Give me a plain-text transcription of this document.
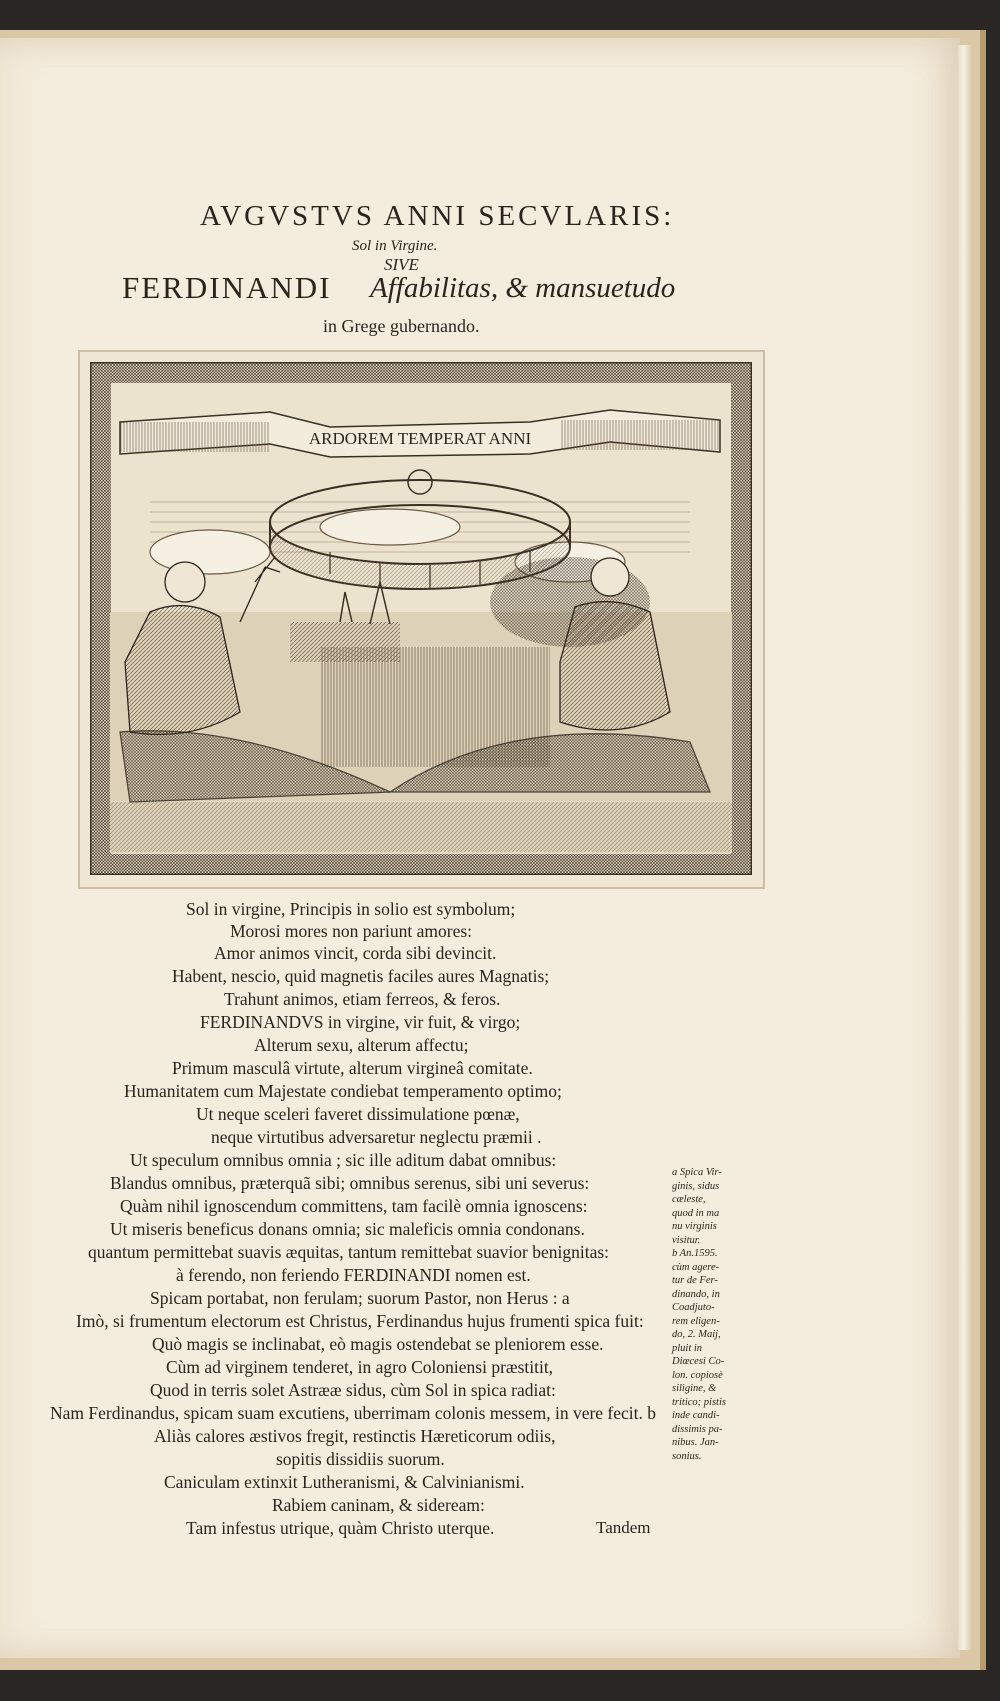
AVGVSTVS ANNI SECVLARIS:
Sol in Virgine.
SIVE
FERDINANDI	Affabilitas, & mansuetudo
in Grege gubernando.
ARDOREM TEMPERAT ANNI
Sol in virgine, Principis in solio est symbolum;
Morosi mores non pariunt amores:
Amor animos vincit, corda sibi devincit.
Habent, nescio, quid magnetis faciles aures Magnatis;
Trahunt animos, etiam ferreos, & feros.
FERDINANDVS in virgine, vir fuit, & virgo;
Alterum sexu, alterum affectu;
Primum masculâ virtute, alterum virgineâ comitate.
Humanitatem cum Majestate condiebat temperamento optimo;
Ut neque sceleri faveret dissimulatione pœnæ,
neque virtutibus adversaretur neglectu præmii .
Ut speculum omnibus omnia ; sic ille aditum dabat omnibus:
Blandus omnibus, præterquã sibi; omnibus serenus, sibi uni severus:
Quàm nihil ignoscendum committens, tam facilè omnia ignoscens:
Ut miseris beneficus donans omnia; sic maleficis omnia condonans.
quantum permittebat suavis æquitas, tantum remittebat suavior benignitas:
à ferendo, non feriendo FERDINANDI nomen est.
Spicam portabat, non ferulam; suorum Pastor, non Herus : a
Imò, si frumentum electorum est Christus, Ferdinandus hujus frumenti spica fuit:
Quò magis se inclinabat, eò magis ostendebat se pleniorem esse.
Cùm ad virginem tenderet, in agro Coloniensi præstitit,
Quod in terris solet Astrææ sidus, cùm Sol in spica radiat:
Nam Ferdinandus, spicam suam excutiens, uberrimam colonis messem, in vere fecit. b
Aliàs calores æstivos fregit, restinctis Hæreticorum odiis,
sopitis dissidiis suorum.
Caniculam extinxit Lutheranismi, & Calvinianismi.
Rabiem caninam, & sideream:
Tam infestus utrique, quàm Christo uterque.
a Spica Vir-
ginis, sidus
cæleste,
quod in ma
nu virginis
visitur.
b An.1595.
cùm agere-
tur de Fer-
dinando, in
Coadjuto-
rem eligen-
do, 2. Maij,
pluit in
Diœcesi Co-
lon. copiosè
siligine, &
tritico; pistis
inde candi-
dissimis pa-
nibus. Jan-
sonius.
Tandem
